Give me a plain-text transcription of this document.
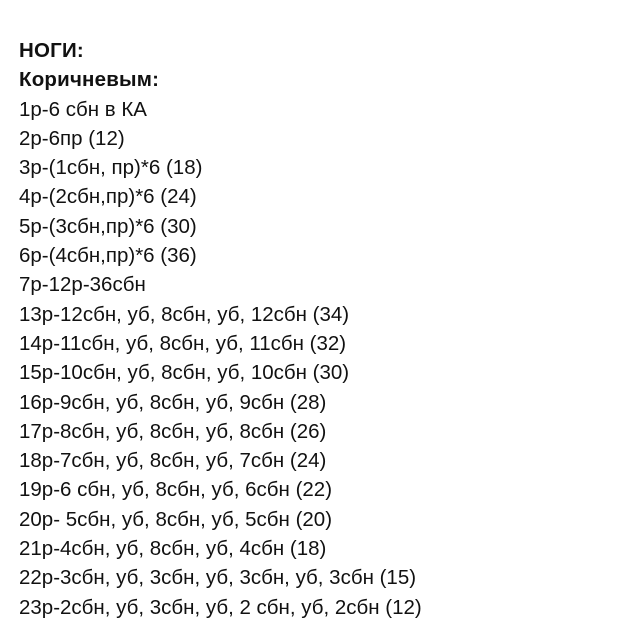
НОГИ:
Коричневым:
1р-6 сбн в КА
2р-6пр (12)
3р-(1сбн, пр)*6 (18)
4р-(2сбн,пр)*6 (24)
5р-(3сбн,пр)*6 (30)
6р-(4сбн,пр)*6 (36)
7р-12р-36сбн
13р-12сбн, уб, 8сбн, уб, 12сбн (34)
14р-11сбн, уб, 8сбн, уб, 11сбн (32)
15р-10сбн, уб, 8сбн, уб, 10сбн (30)
16р-9сбн, уб, 8сбн, уб, 9сбн (28)
17р-8сбн, уб, 8сбн, уб, 8сбн (26)
18р-7сбн, уб, 8сбн, уб, 7сбн (24)
19р-6 сбн, уб, 8сбн, уб, 6сбн (22)
20р- 5сбн, уб, 8сбн, уб, 5сбн (20)
21р-4сбн, уб, 8сбн, уб, 4сбн (18)
22р-3сбн, уб, 3сбн, уб, 3сбн, уб, 3сбн (15)
23р-2сбн, уб, 3сбн, уб, 2 сбн, уб, 2сбн (12)
